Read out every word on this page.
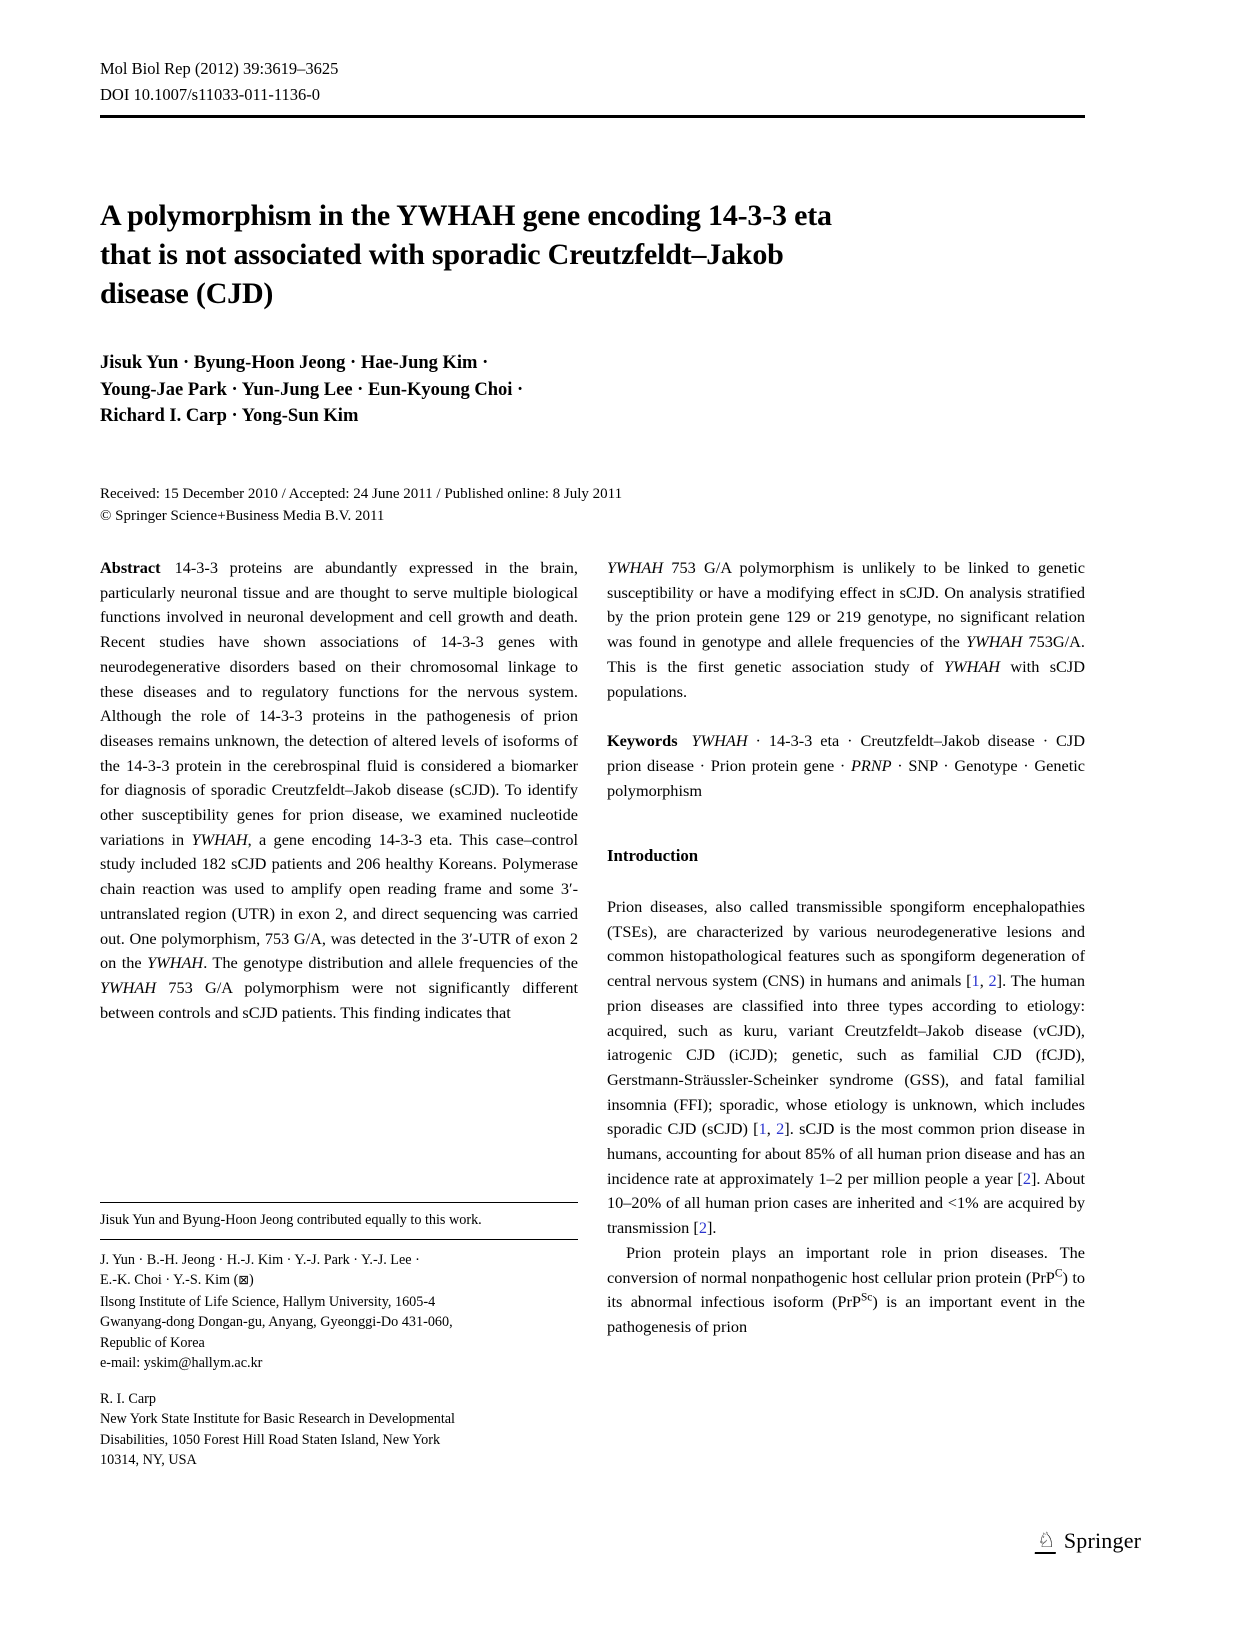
Mol Biol Rep (2012) 39:3619–3625
DOI 10.1007/s11033-011-1136-0
A polymorphism in the YWHAH gene encoding 14-3-3 eta
that is not associated with sporadic Creutzfeldt–Jakob
disease (CJD)
Jisuk Yun · Byung-Hoon Jeong · Hae-Jung Kim ·
Young-Jae Park · Yun-Jung Lee · Eun-Kyoung Choi ·
Richard I. Carp · Yong-Sun Kim
Received: 15 December 2010 / Accepted: 24 June 2011 / Published online: 8 July 2011
© Springer Science+Business Media B.V. 2011

Abstract 14-3-3 proteins are abundantly expressed in the brain, particularly neuronal tissue and are thought to serve multiple biological functions involved in neuronal development and cell growth and death. Recent studies have shown associations of 14-3-3 genes with neurodegenerative disorders based on their chromosomal linkage to these diseases and to regulatory functions for the nervous system. Although the role of 14-3-3 proteins in the pathogenesis of prion diseases remains unknown, the detection of altered levels of isoforms of the 14-3-3 protein in the cerebrospinal fluid is considered a biomarker for diagnosis of sporadic Creutzfeldt–Jakob disease (sCJD). To identify other susceptibility genes for prion disease, we examined nucleotide variations in YWHAH, a gene encoding 14-3-3 eta. This case–control study included 182 sCJD patients and 206 healthy Koreans. Polymerase chain reaction was used to amplify open reading frame and some 3′-untranslated region (UTR) in exon 2, and direct sequencing was carried out. One polymorphism, 753 G/A, was detected in the 3′-UTR of exon 2 on the YWHAH. The genotype distribution and allele frequencies of the YWHAH 753 G/A polymorphism were not significantly different between controls and sCJD patients. This finding indicates that

YWHAH 753 G/A polymorphism is unlikely to be linked to genetic susceptibility or have a modifying effect in sCJD. On analysis stratified by the prion protein gene 129 or 219 genotype, no significant relation was found in genotype and allele frequencies of the YWHAH 753G/A. This is the first genetic association study of YWHAH with sCJD populations.

Keywords YWHAH · 14-3-3 eta · Creutzfeldt–Jakob disease · CJD prion disease · Prion protein gene · PRNP · SNP · Genotype · Genetic polymorphism

Introduction

Prion diseases, also called transmissible spongiform encephalopathies (TSEs), are characterized by various neurodegenerative lesions and common histopathological features such as spongiform degeneration of central nervous system (CNS) in humans and animals [1, 2]. The human prion diseases are classified into three types according to etiology: acquired, such as kuru, variant Creutzfeldt–Jakob disease (vCJD), iatrogenic CJD (iCJD); genetic, such as familial CJD (fCJD), Gerstmann-Sträussler-Scheinker syndrome (GSS), and fatal familial insomnia (FFI); sporadic, whose etiology is unknown, which includes sporadic CJD (sCJD) [1, 2]. sCJD is the most common prion disease in humans, accounting for about 85% of all human prion disease and has an incidence rate at approximately 1–2 per million people a year [2]. About 10–20% of all human prion cases are inherited and <1% are acquired by transmission [2].

Prion protein plays an important role in prion diseases. The conversion of normal nonpathogenic host cellular prion protein (PrP$^C$) to its abnormal infectious isoform (PrP$^{Sc}$) is an important event in the pathogenesis of prion

Jisuk Yun and Byung-Hoon Jeong contributed equally to this work.

J. Yun · B.-H. Jeong · H.-J. Kim · Y.-J. Park · Y.-J. Lee ·
E.-K. Choi · Y.-S. Kim (⊠)
Ilsong Institute of Life Science, Hallym University, 1605-4
Gwanyang-dong Dongan-gu, Anyang, Gyeonggi-Do 431-060,
Republic of Korea
e-mail: yskim@hallym.ac.kr

R. I. Carp
New York State Institute for Basic Research in Developmental
Disabilities, 1050 Forest Hill Road Staten Island, New York
10314, NY, USA

♘ Springer
